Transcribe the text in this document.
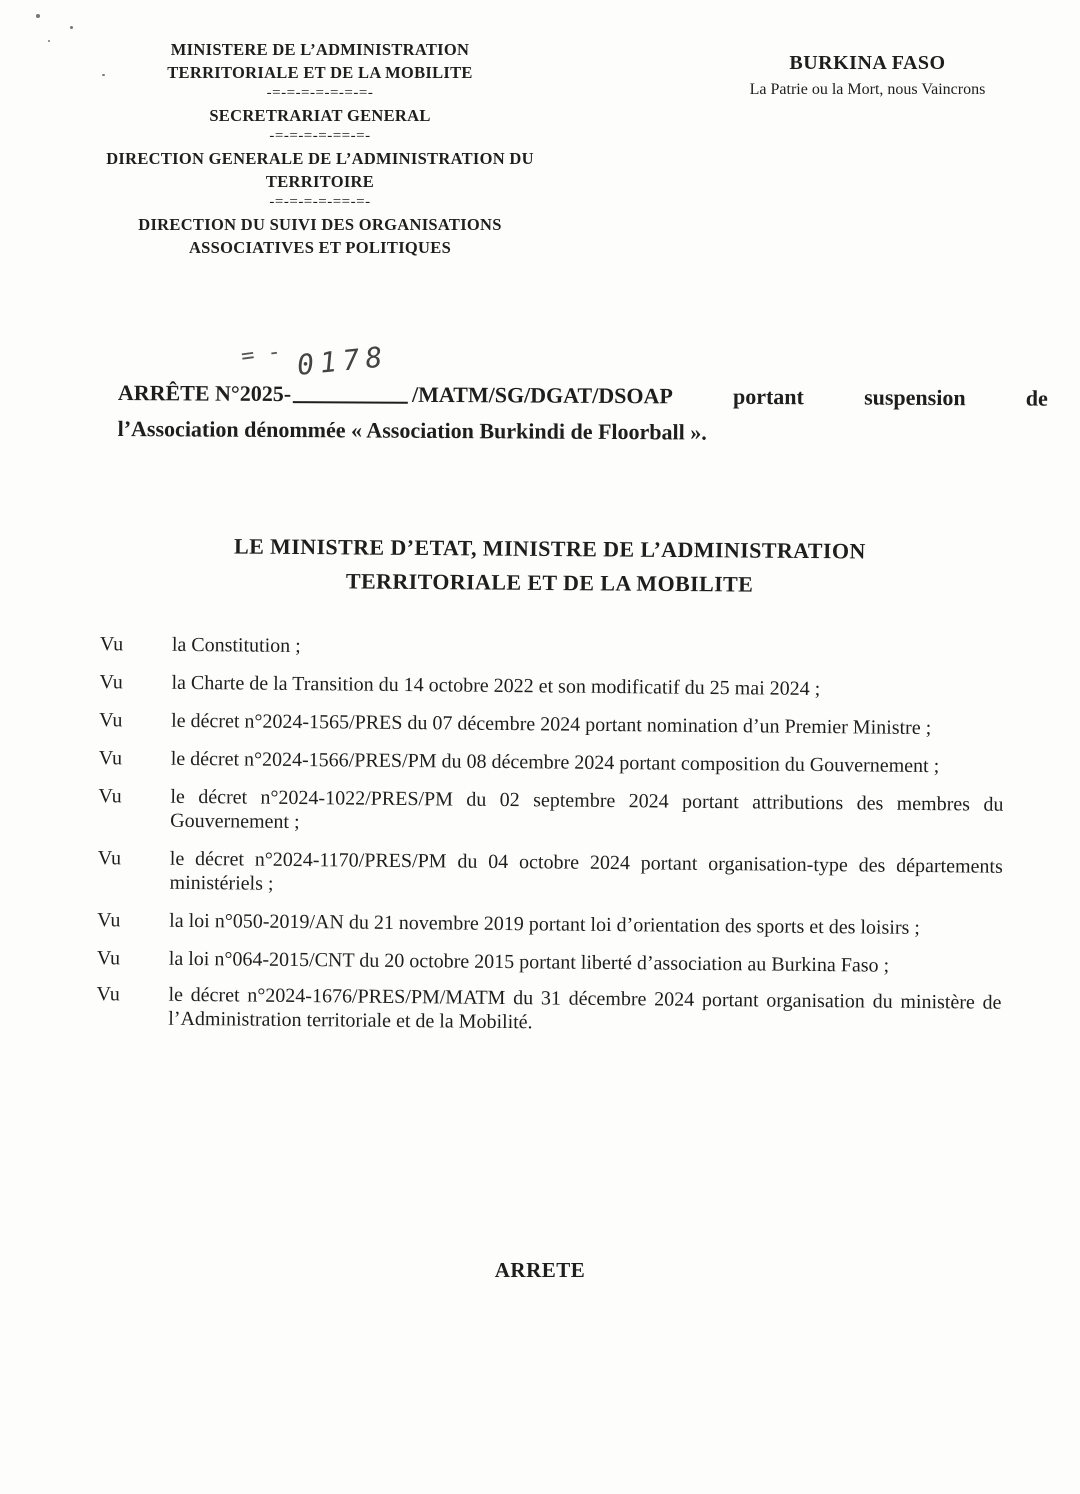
MINISTERE DE L’ADMINISTRATION
TERRITORIALE ET DE LA MOBILITE
-=-=-=-=-=-=-=-
SECRETRARIAT GENERAL
-=-=-=-=-==-=-
DIRECTION GENERALE DE L’ADMINISTRATION DU
TERRITOIRE
-=-=-=-=-==-=-
DIRECTION DU SUIVI DES ORGANISATIONS
ASSOCIATIVES ET POLITIQUES
BURKINA FASO
La Patrie ou la Mort, nous Vaincrons
ARRÊTE N°2025-
= - 0178
/MATM/SG/DGAT/DSOAP	portant	suspension	de
l’Association dénommée « Association Burkindi de Floorball ».
LE MINISTRE D’ETAT, MINISTRE DE L’ADMINISTRATION
TERRITORIALE ET DE LA MOBILITE
Vu	la Constitution ;
Vu	la Charte de la Transition du 14 octobre 2022 et son modificatif du 25 mai 2024 ;
Vu	le décret n°2024-1565/PRES du 07 décembre 2024 portant nomination d’un Premier Ministre ;
Vu	le décret n°2024-1566/PRES/PM du 08 décembre 2024 portant composition du Gouvernement ;
Vu	le décret n°2024-1022/PRES/PM du 02 septembre 2024 portant attributions des membres du Gouvernement ;
Vu	le décret n°2024-1170/PRES/PM du 04 octobre 2024 portant organisation-type des départements ministériels ;
Vu	la loi n°050-2019/AN du 21 novembre 2019 portant loi d’orientation des sports et des loisirs ;
Vu	la loi n°064-2015/CNT du 20 octobre 2015 portant liberté d’association au Burkina Faso ;
Vu	le décret n°2024-1676/PRES/PM/MATM du 31 décembre 2024 portant organisation du ministère de l’Administration territoriale et de la Mobilité.
ARRETE
